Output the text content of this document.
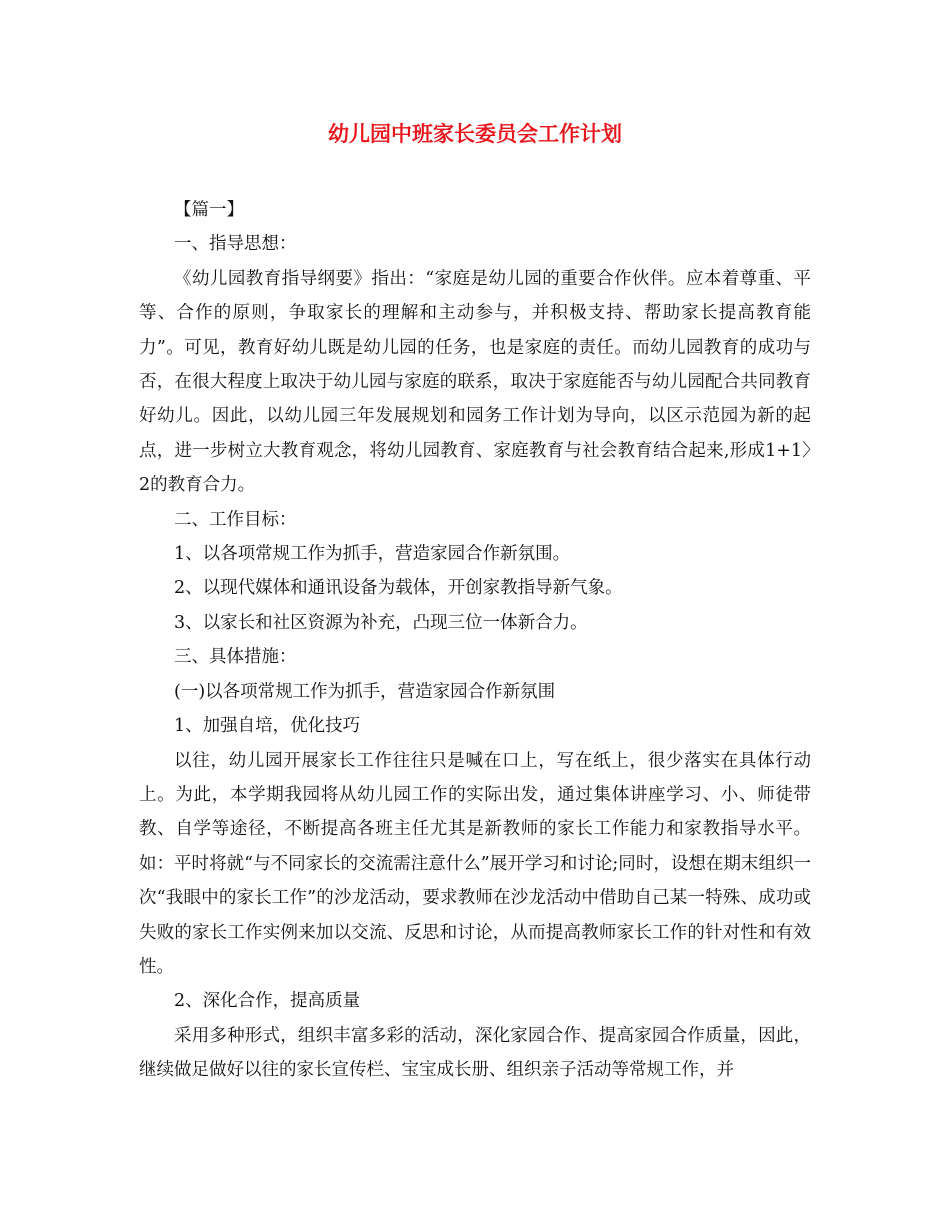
幼儿园中班家长委员会工作计划

【篇一】

一、指导思想：

《幼儿园教育指导纲要》指出：“家庭是幼儿园的重要合作伙伴。应本着尊重、平等、合作的原则，争取家长的理解和主动参与，并积极支持、帮助家长提高教育能力”。可见，教育好幼儿既是幼儿园的任务，也是家庭的责任。而幼儿园教育的成功与否，在很大程度上取决于幼儿园与家庭的联系，取决于家庭能否与幼儿园配合共同教育好幼儿。因此，以幼儿园三年发展规划和园务工作计划为导向，以区示范园为新的起点，进一步树立大教育观念，将幼儿园教育、家庭教育与社会教育结合起来,形成1+1〉2的教育合力。

二、工作目标：

1、以各项常规工作为抓手，营造家园合作新氛围。

2、以现代媒体和通讯设备为载体，开创家教指导新气象。

3、以家长和社区资源为补充，凸现三位一体新合力。

三、具体措施：

(一)以各项常规工作为抓手，营造家园合作新氛围

1、加强自培，优化技巧

以往，幼儿园开展家长工作往往只是喊在口上，写在纸上，很少落实在具体行动上。为此，本学期我园将从幼儿园工作的实际出发，通过集体讲座学习、小、师徒带教、自学等途径，不断提高各班主任尤其是新教师的家长工作能力和家教指导水平。如：平时将就“与不同家长的交流需注意什么”展开学习和讨论;同时，设想在期末组织一次“我眼中的家长工作”的沙龙活动，要求教师在沙龙活动中借助自己某一特殊、成功或失败的家长工作实例来加以交流、反思和讨论，从而提高教师家长工作的针对性和有效性。

2、深化合作，提高质量

采用多种形式，组织丰富多彩的活动，深化家园合作、提高家园合作质量，因此，继续做足做好以往的家长宣传栏、宝宝成长册、组织亲子活动等常规工作，并
